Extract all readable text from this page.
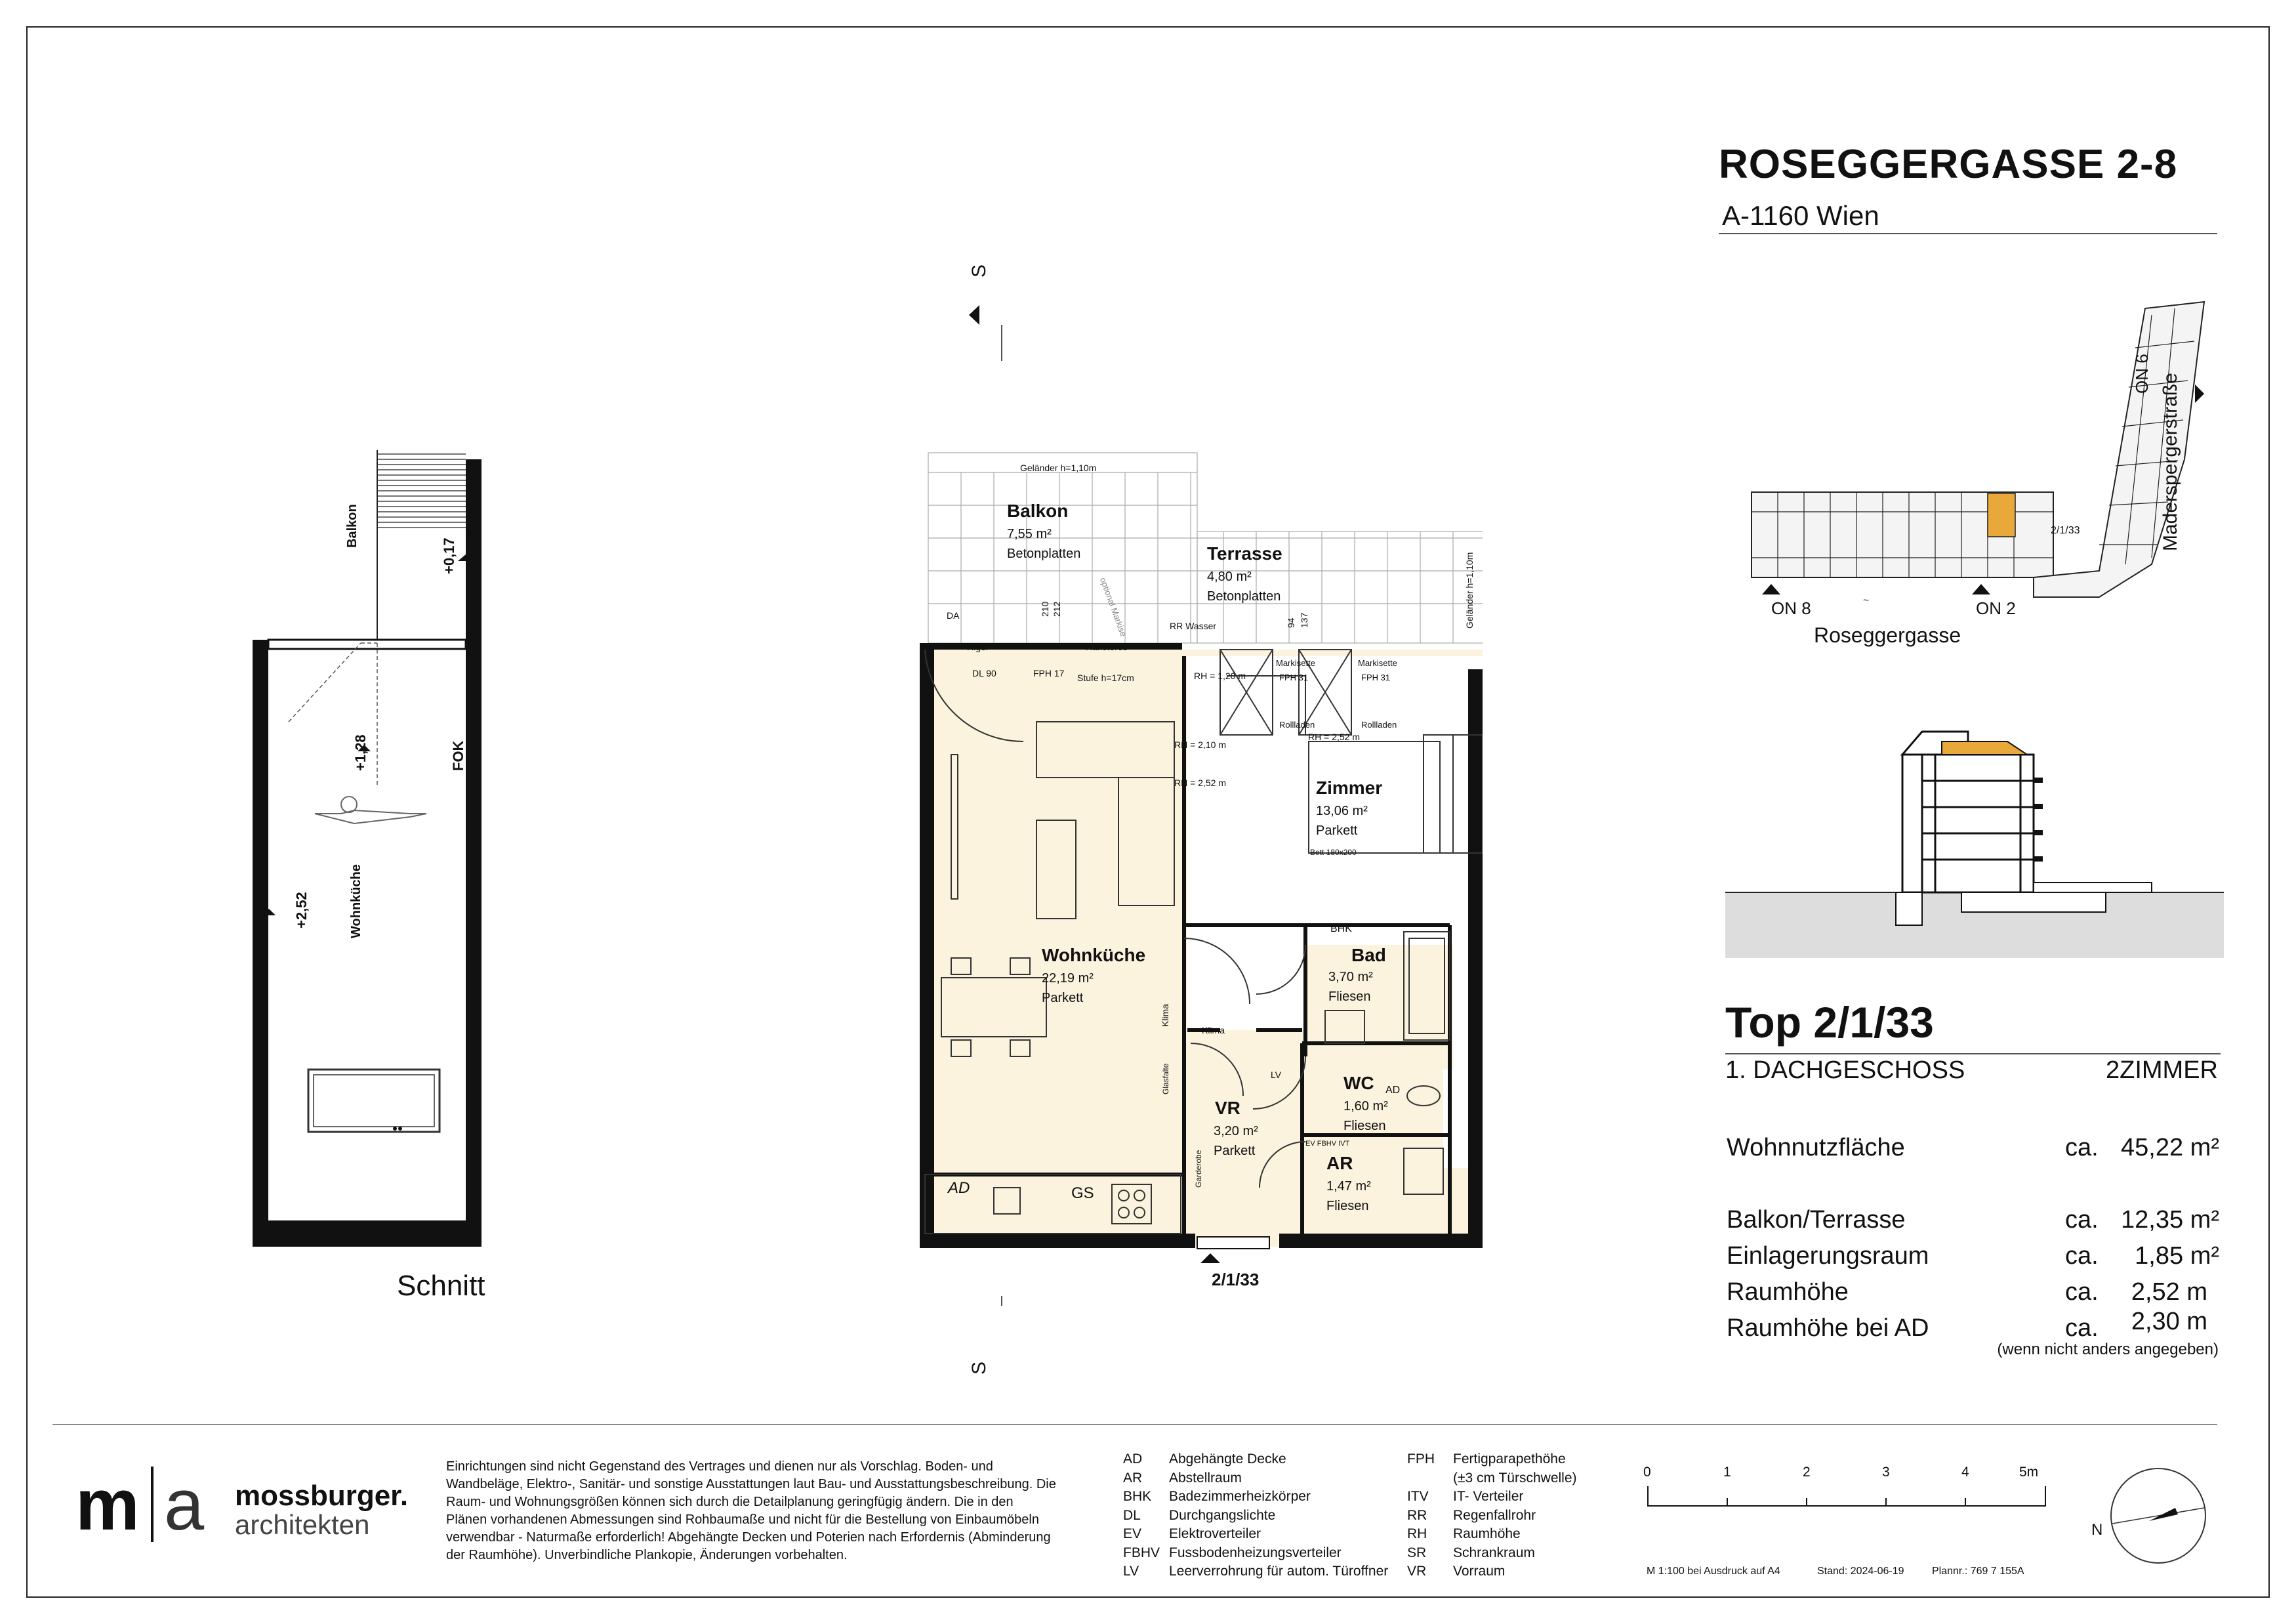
ROSEGGERGASSE 2-8
A-1160 Wien
~
ON 8	ON 2
ON 6
Roseggergasse
Maderspergerstraße
2/1/33
Top 2/1/33
1. DACHGESCHOSS	2ZIMMER
Wohnnutzfläche	ca. 45,22 m²
Balkon/Terrasse	ca. 12,35 m²
Einlagerungsraum	ca. 1,85 m²
Raumhöhe	ca. 2,52 m
Raumhöhe bei AD	ca. 2,30 m
(wenn nicht anders angegeben)
Balkon
+0,17
+1,28	FOK
+2,52	Wohnküche
Schnitt
S
S
Geländer h=1,10m
Geländer h=1,10m
Balkon
7,55 m²
Betonplatten	Terrasse
4,80 m²
Betonplatten
Zimmer
13,06 m²
Parkett
Wohnküche
22,19 m²
Parkett
Bad
3,70 m²
Fliesen
WC
1,60 m²
Fliesen
VR
3,20 m²
Parkett
AR
1,47 m²
Fliesen
DA
Rigol	Raffstores
DL 90	FPH 17 Stufe h=17cm
RR Wasser
RH = 1,20 m
RH = 2,10 m
RH = 2,52 m
RH = 2,52 m
Markisette	Markisette
FPH 31	FPH 31
Rollladen	Rollladen
Bett 180x200
BHK
Klima
Klima
LV
AD
AD	GS
EV FBHV IVT
Glasfalte
Garderobe
optional Markise
210 212
94 137
2/1/33
m a mossburger.
architekten
Einrichtungen sind nicht Gegenstand des Vertrages und dienen nur als Vorschlag. Boden- und Wandbeläge, Elektro-, Sanitär- und sonstige Ausstattungen laut Bau- und Ausstattungsbeschreibung. Die Raum- und Wohnungsgrößen können sich durch die Detailplanung geringfügig ändern. Die in den Plänen vorhandenen Abmessungen sind Rohbaumaße und nicht für die Bestellung von Einbaumöbeln verwendbar - Naturmaße erforderlich! Abgehängte Decken und Poterien nach Erfordernis (Abminderung der Raumhöhe). Unverbindliche Plankopie, Änderungen vorbehalten.
AD	Abgehängte Decke
AR	Abstellraum
BHK	Badezimmerheizkörper
DL	Durchgangslichte
EV	Elektroverteiler
FBHV Fussbodenheizungsverteiler
LV	Leerverrohrung für autom. Türoffner
FPH	Fertigparapethöhe
(±3 cm Türschwelle)
ITV	IT- Verteiler
RR	Regenfallrohr
RH	Raumhöhe
SR	Schrankraum
VR	Vorraum
0	1	2	3	4	5m
M 1:100 bei Ausdruck auf A4	Stand: 2024-06-19	Plannr.: 769 7 155A
N
